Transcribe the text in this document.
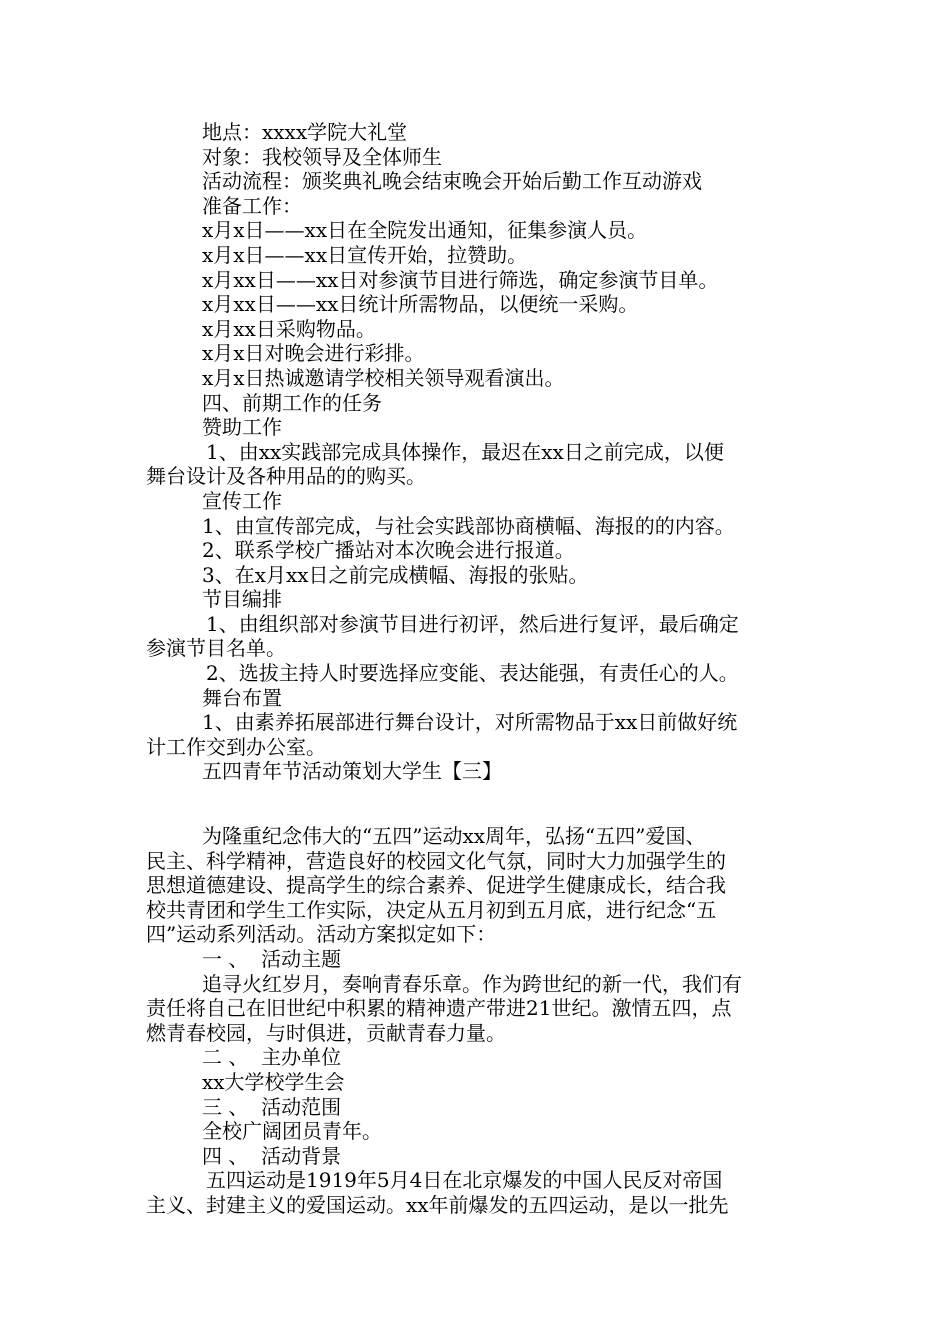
地点：xxxx学院大礼堂
对象：我校领导及全体师生
活动流程：颁奖典礼晚会结束晚会开始后勤工作互动游戏
准备工作：
x月x日——xx日在全院发出通知，征集参演人员。
x月x日——xx日宣传开始，拉赞助。
x月xx日——xx日对参演节目进行筛选，确定参演节目单。
x月xx日——xx日统计所需物品，以便统一采购。
x月xx日采购物品。
x月x日对晚会进行彩排。
x月x日热诚邀请学校相关领导观看演出。
四、前期工作的任务
赞助工作
1、由xx实践部完成具体操作，最迟在xx日之前完成，以便
舞台设计及各种用品的的购买。
宣传工作
1、由宣传部完成，与社会实践部协商横幅、海报的的内容。
2、联系学校广播站对本次晚会进行报道。
3、在x月xx日之前完成横幅、海报的张贴。
节目编排
1、由组织部对参演节目进行初评，然后进行复评，最后确定
参演节目名单。
2、选拔主持人时要选择应变能、表达能强，有责任心的人。
舞台布置
1、由素养拓展部进行舞台设计，对所需物品于xx日前做好统
计工作交到办公室。
五四青年节活动策划大学生【三】
为隆重纪念伟大的“五四”运动xx周年，弘扬“五四”爱国、
民主、科学精神，营造良好的校园文化气氛，同时大力加强学生的
思想道德建设、提高学生的综合素养、促进学生健康成长，结合我
校共青团和学生工作实际，决定从五月初到五月底，进行纪念“五
四”运动系列活动。活动方案拟定如下：
一 、  活动主题
追寻火红岁月，奏响青春乐章。作为跨世纪的新一代，我们有
责任将自己在旧世纪中积累的精神遗产带进21世纪。激情五四，点
燃青春校园，与时俱进，贡献青春力量。
二 、  主办单位
xx大学校学生会
三 、  活动范围
全校广阔团员青年。
四 、  活动背景
五四运动是1919年5月4日在北京爆发的中国人民反对帝国
主义、封建主义的爱国运动。xx年前爆发的五四运动，是以一批先
